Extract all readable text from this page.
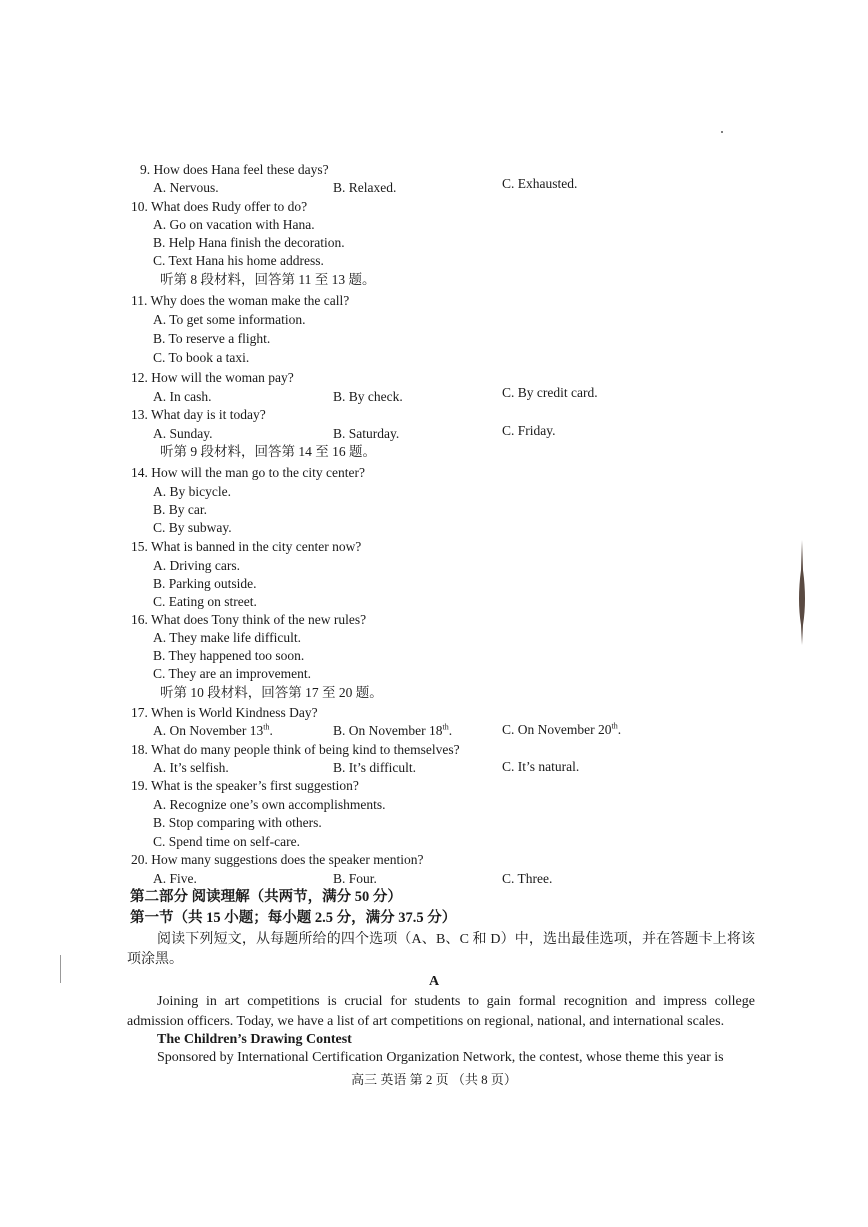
9. How does Hana feel these days?
A. Nervous.	B. Relaxed.	C. Exhausted.
10. What does Rudy offer to do?
A. Go on vacation with Hana.
B. Help Hana finish the decoration.
C. Text Hana his home address.
听第 8 段材料，回答第 11 至 13 题。
11. Why does the woman make the call?
A. To get some information.
B. To reserve a flight.
C. To book a taxi.
12. How will the woman pay?
A. In cash.	B. By check.	C. By credit card.
13. What day is it today?
A. Sunday.	B. Saturday.	C. Friday.
听第 9 段材料，回答第 14 至 16 题。
14. How will the man go to the city center?
A. By bicycle.
B. By car.
C. By subway.
15. What is banned in the city center now?
A. Driving cars.
B. Parking outside.
C. Eating on street.
16. What does Tony think of the new rules?
A. They make life difficult.
B. They happened too soon.
C. They are an improvement.
听第 10 段材料，回答第 17 至 20 题。
17. When is World Kindness Day?
A. On November 13th.	B. On November 18th.	C. On November 20th.
18. What do many people think of being kind to themselves?
A. It’s selfish.	B. It’s difficult.	C. It’s natural.
19. What is the speaker’s first suggestion?
A. Recognize one’s own accomplishments.
B. Stop comparing with others.
C. Spend time on self-care.
20. How many suggestions does the speaker mention?
A. Five.	B. Four.	C. Three.
第二部分 阅读理解（共两节，满分 50 分）
第一节（共 15 小题；每小题 2.5 分，满分 37.5 分）
阅读下列短文，从每题所给的四个选项（A、B、C 和 D）中，选出最佳选项，并在答题卡上将该项涂黑。
A
Joining in art competitions is crucial for students to gain formal recognition and impress college admission officers. Today, we have a list of art competitions on regional, national, and international scales.
The Children’s Drawing Contest
Sponsored by International Certification Organization Network, the contest, whose theme this year is
高三 英语 第 2 页 （共 8 页）
